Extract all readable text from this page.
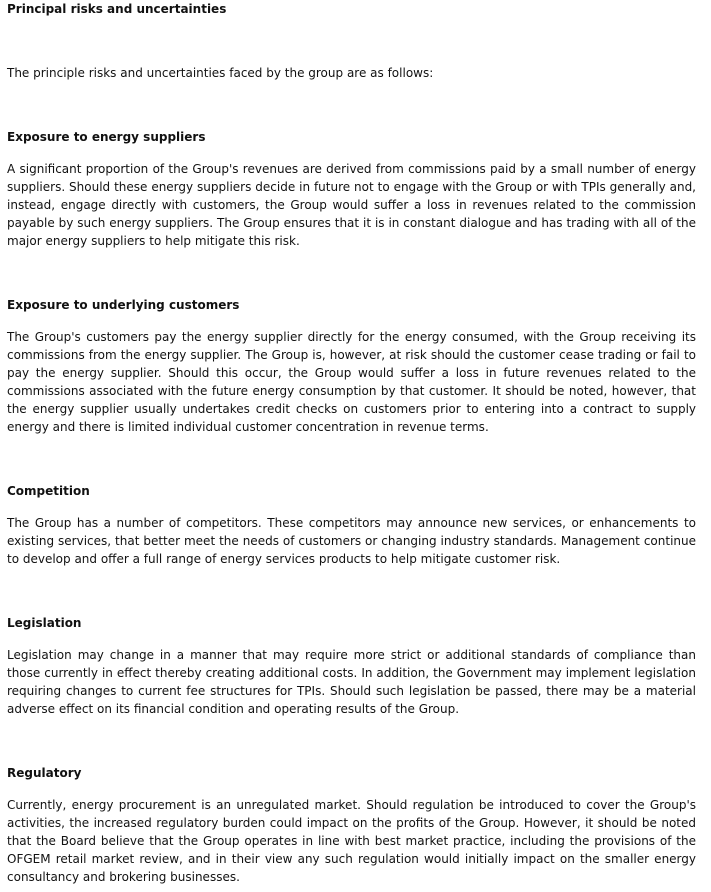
Principal risks and uncertainties
The principle risks and uncertainties faced by the group are as follows:
Exposure to energy suppliers

A significant proportion of the Group's revenues are derived from commissions paid by a small number of energy suppliers. Should these energy suppliers decide in future not to engage with the Group or with TPIs generally and, instead, engage directly with customers, the Group would suffer a loss in revenues related to the commission payable by such energy suppliers. The Group ensures that it is in constant dialogue and has trading with all of the major energy suppliers to help mitigate this risk.

Exposure to underlying customers

The Group's customers pay the energy supplier directly for the energy consumed, with the Group receiving its commissions from the energy supplier. The Group is, however, at risk should the customer cease trading or fail to pay the energy supplier. Should this occur, the Group would suffer a loss in future revenues related to the commissions associated with the future energy consumption by that customer. It should be noted, however, that the energy supplier usually undertakes credit checks on customers prior to entering into a contract to supply energy and there is limited individual customer concentration in revenue terms.

Competition

The Group has a number of competitors. These competitors may announce new services, or enhancements to existing services, that better meet the needs of customers or changing industry standards. Management continue to develop and offer a full range of energy services products to help mitigate customer risk.

Legislation

Legislation may change in a manner that may require more strict or additional standards of compliance than those currently in effect thereby creating additional costs. In addition, the Government may implement legislation requiring changes to current fee structures for TPIs. Should such legislation be passed, there may be a material adverse effect on its financial condition and operating results of the Group.

Regulatory

Currently, energy procurement is an unregulated market. Should regulation be introduced to cover the Group's activities, the increased regulatory burden could impact on the profits of the Group. However, it should be noted that the Board believe that the Group operates in line with best market practice, including the provisions of the OFGEM retail market review, and in their view any such regulation would initially impact on the smaller energy consultancy and brokering businesses.
